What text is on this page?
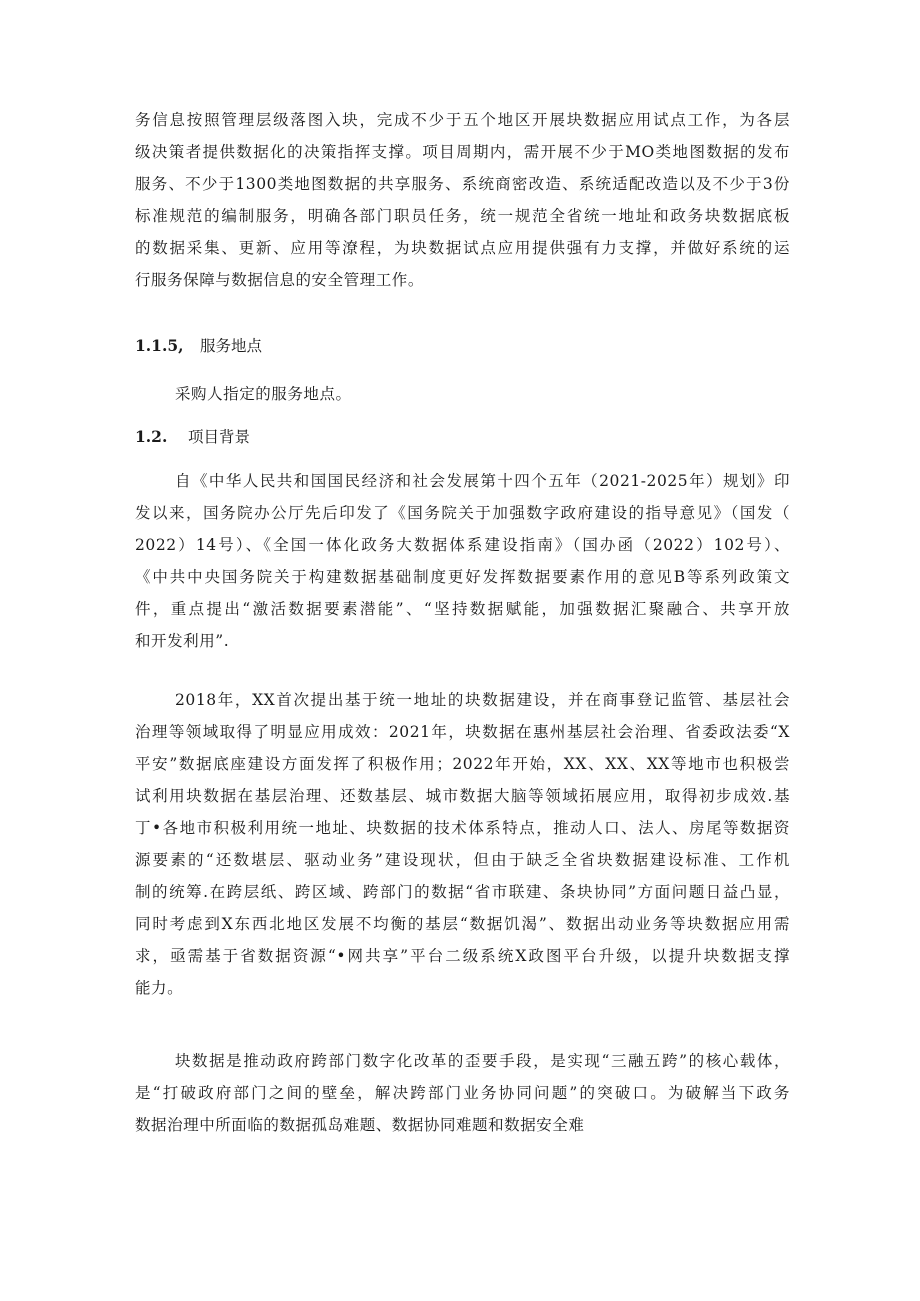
务信息按照管理层级落图入块，完成不少于五个地区开展块数据应用试点工作，为各层
级决策者提供数据化的决策指挥支撑。项目周期内，需开展不少于MO类地图数据的发布
服务、不少于1300类地图数据的共享服务、系统商密改造、系统适配改造以及不少于3份
标准规范的编制服务，明确各部门职员任务，统一规范全省统一地址和政务块数据底板
的数据采集、更新、应用等潦程，为块数据试点应用提供强有力支撑，并做好系统的运
行服务保障与数据信息的安全管理工作。
1.1.5, 服务地点
采购人指定的服务地点。
1.2. 项目背景
自《中华人民共和国国民经济和社会发展第十四个五年（2021-2025年）规划》印
发以来，国务院办公厅先后印发了《国务院关于加强数字政府建设的指导意见》（国发（
2022）14号）、《全国一体化政务大数据体系建设指南》（国办函（2022）102号）、
《中共中央国务院关于构建数据基础制度更好发挥数据要素作用的意见B等系列政策文
件，重点提出“激活数据要素潜能”、“坚持数据赋能，加强数据汇聚融合、共享开放
和开发利用”.
2018年，XX首次提出基于统一地址的块数据建设，并在商事登记监管、基层社会
治理等领域取得了明显应用成效：2021年，块数据在惠州基层社会治理、省委政法委“X
平安”数据底座建设方面发挥了积极作用；2022年开始，XX、XX、XX等地市也积极尝
试利用块数据在基层治理、还数基层、城市数据大脑等领域拓展应用，取得初步成效.基
丁•各地市积极利用统一地址、块数据的技术体系特点，推动人口、法人、房尾等数据资
源要素的“还数堪层、驱动业务”建设现状，但由于缺乏全省块数据建设标准、工作机
制的统筹.在跨层纸、跨区域、跨部门的数据“省市联建、条块协同”方面问题日益凸显，
同时考虑到X东西北地区发展不均衡的基层“数据饥渴”、数据出动业务等块数据应用需
求，亟需基于省数据资源“•网共享”平台二级系统X政图平台升级，以提升块数据支撑
能力。
块数据是推动政府跨部门数字化改革的歪要手段，是实现“三融五跨”的核心载体，
是“打破政府部门之间的壁垒，解决跨部门业务协同问题”的突破口。为破解当下政务
数据治理中所面临的数据孤岛难题、数据协同难题和数据安全难
